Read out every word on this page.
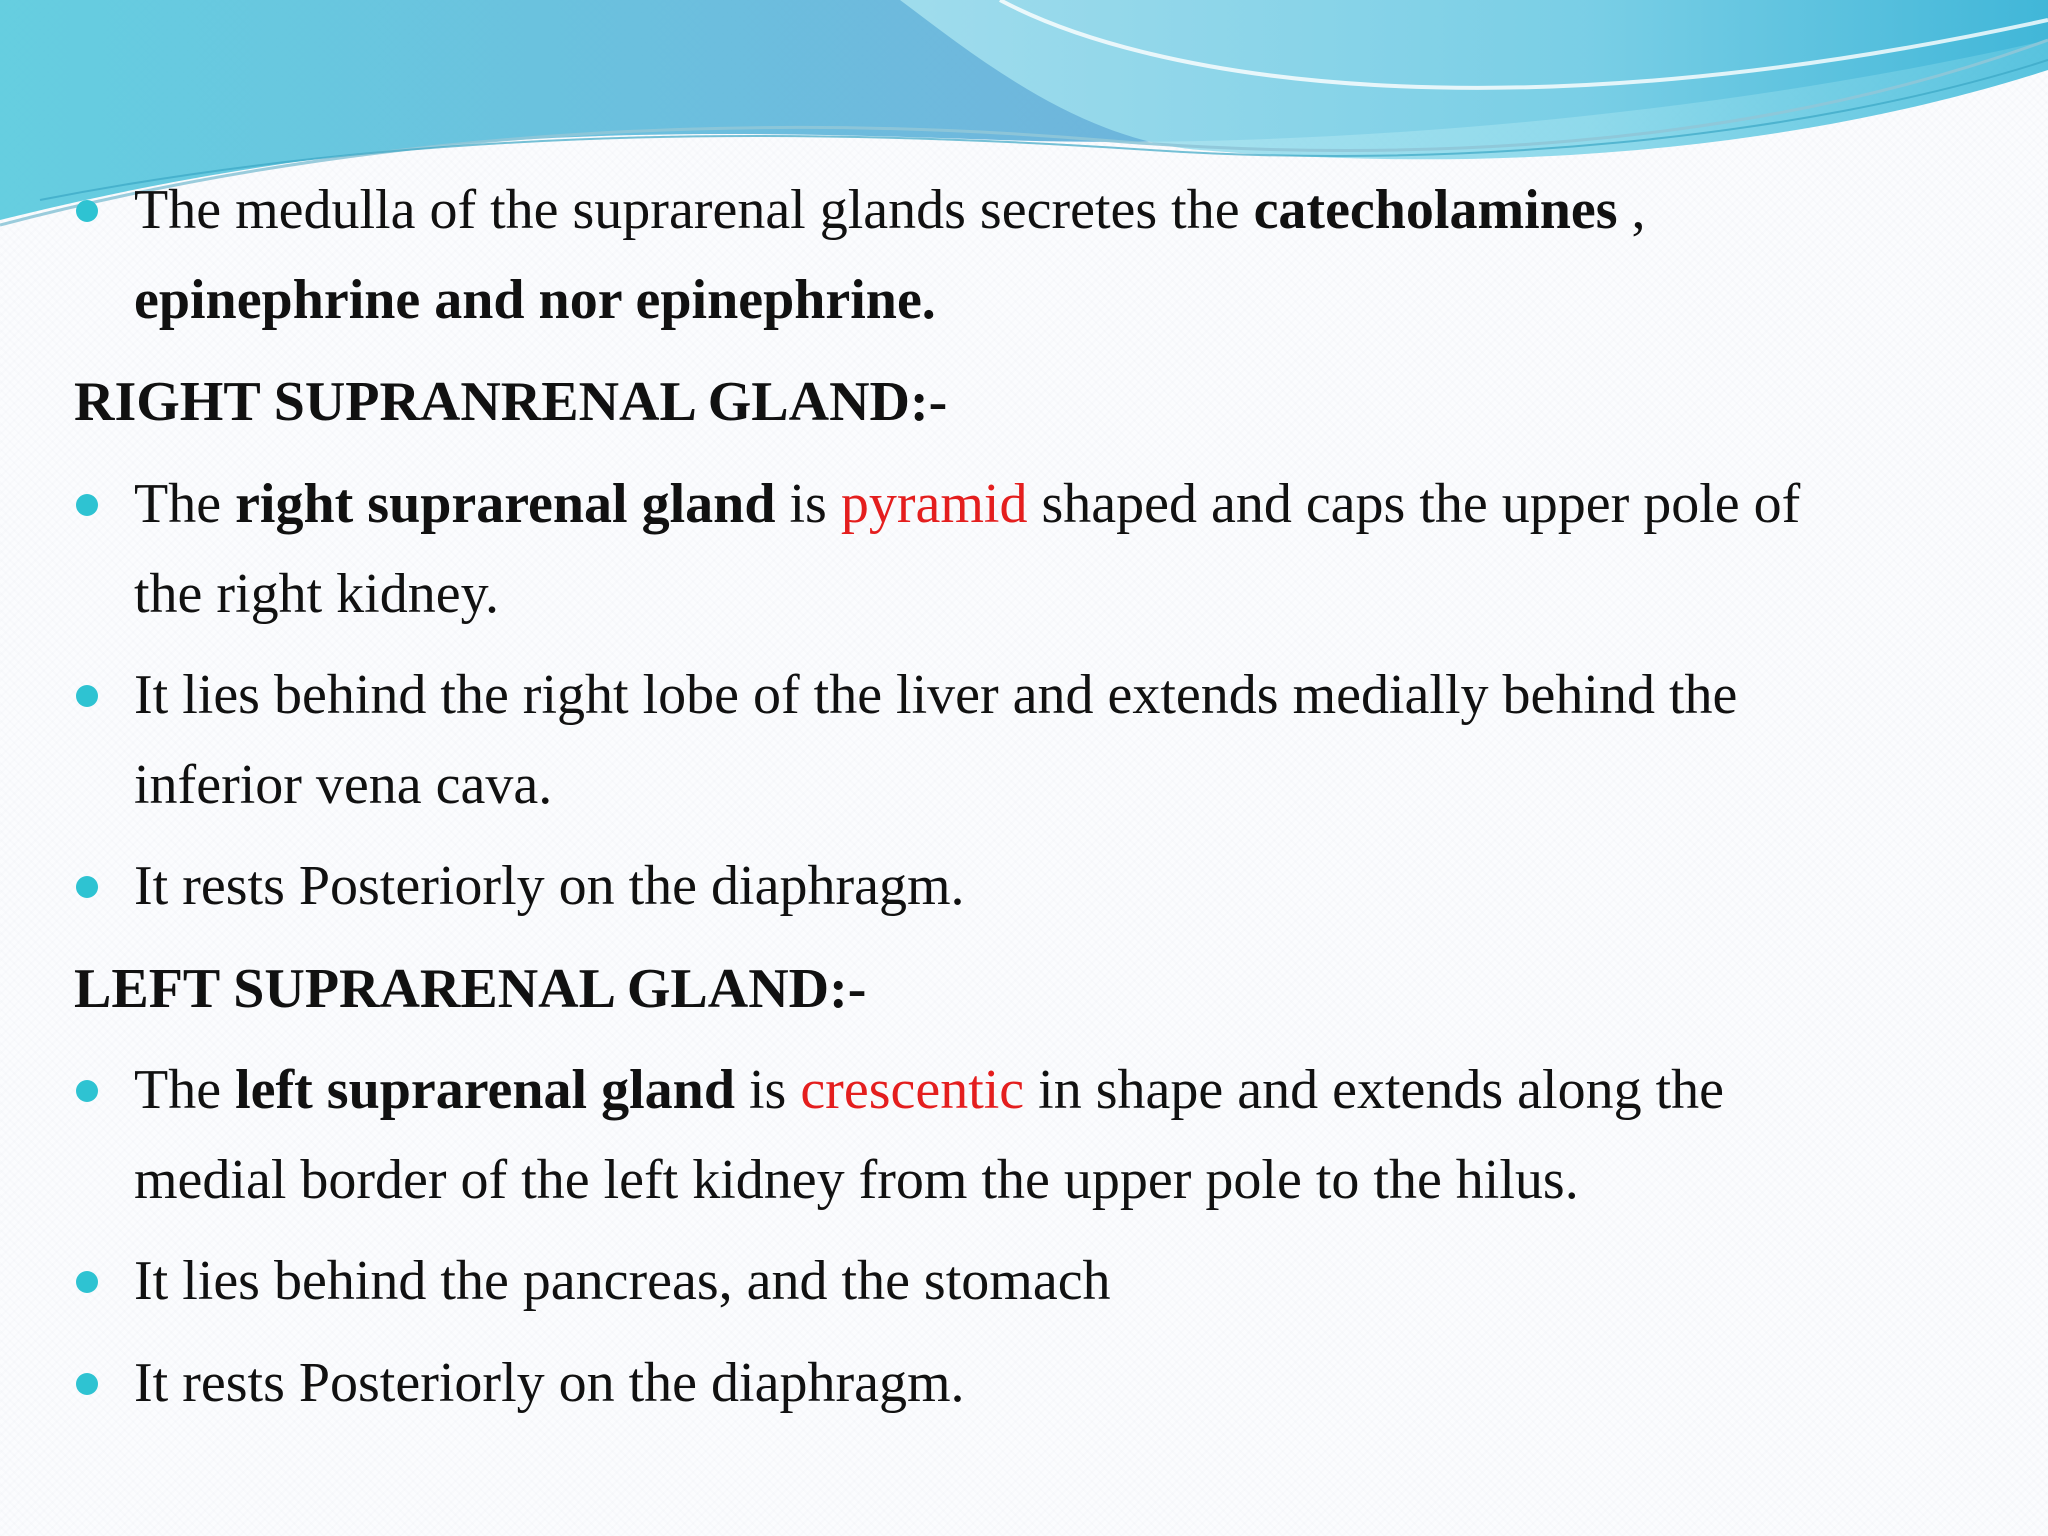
The medulla of the suprarenal glands secretes the catecholamines ,
epinephrine and nor epinephrine.
RIGHT SUPRANRENAL GLAND:-
The right suprarenal gland is pyramid shaped and caps the upper pole of
the right kidney.
It lies behind the right lobe of the liver and extends medially behind the
inferior vena cava.
It rests Posteriorly on the diaphragm.
LEFT SUPRARENAL GLAND:-
The left suprarenal gland is crescentic in shape and extends along the
medial border of the left kidney from the upper pole to the hilus.
It lies behind the pancreas, and the stomach
It rests Posteriorly on the diaphragm.
